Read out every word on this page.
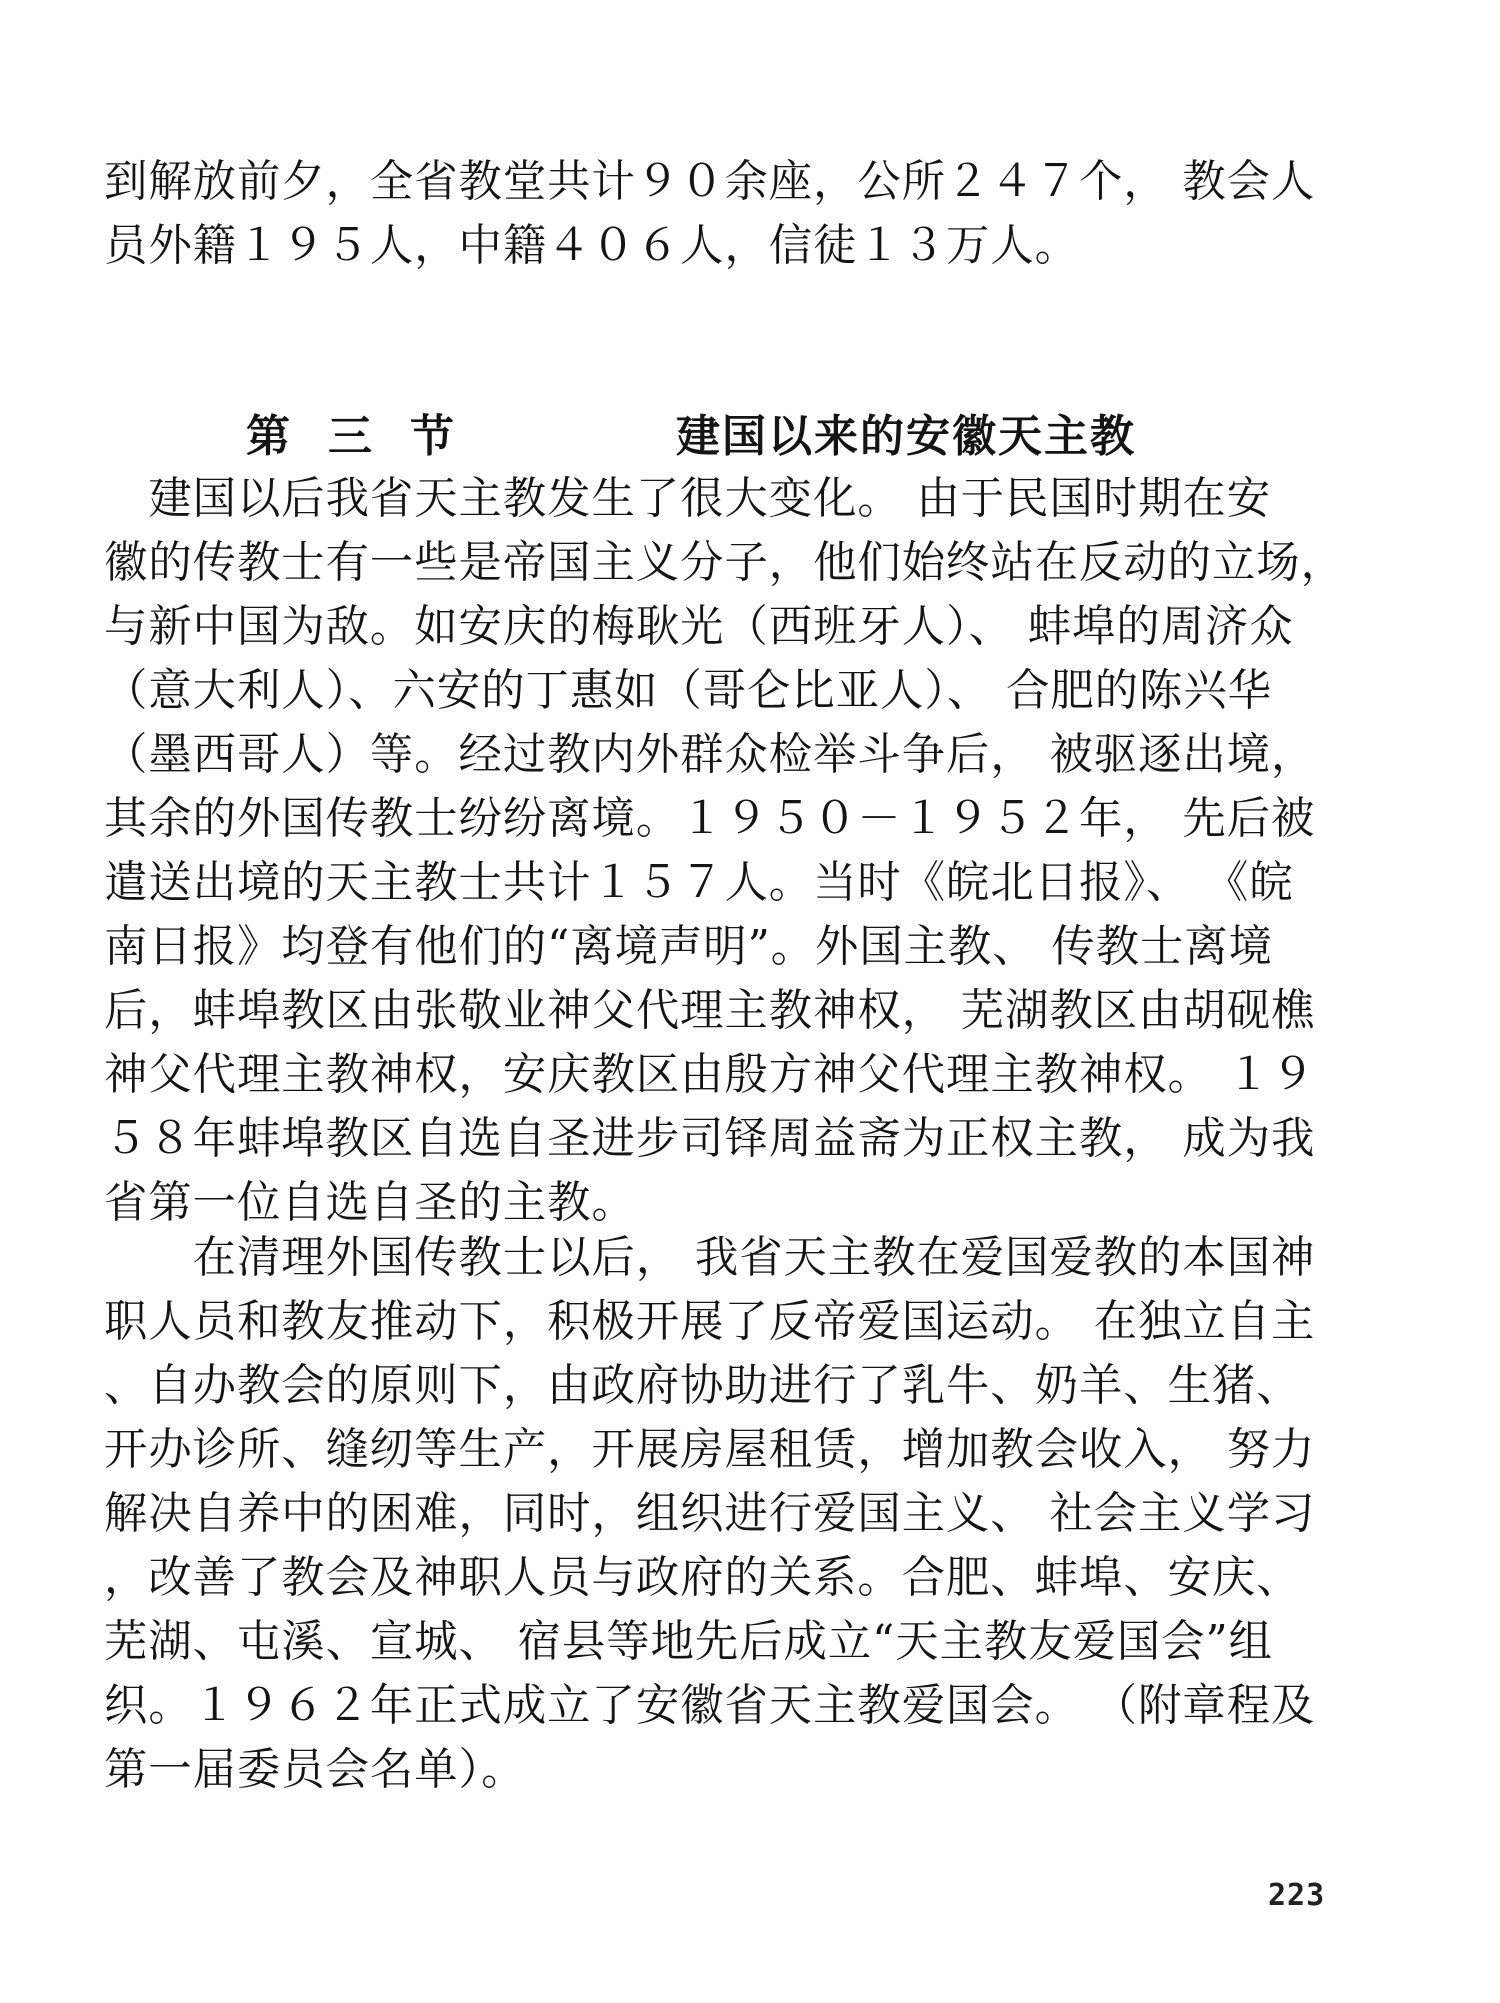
到解放前夕，全省教堂共计９０余座，公所２４７个， 教会人
员外籍１９５人，中籍４０６人，信徒１３万人。
第三节	建国以来的安徽天主教
　建国以后我省天主教发生了很大变化。 由于民国时期在安
徽的传教士有一些是帝国主义分子，他们始终站在反动的立场，
与新中国为敌。如安庆的梅耿光（西班牙人）、 蚌埠的周济众
（意大利人）、六安的丁惠如（哥仑比亚人）、 合肥的陈兴华
（墨西哥人）等。经过教内外群众检举斗争后， 被驱逐出境，
其余的外国传教士纷纷离境。１９５０－１９５２年， 先后被
遣送出境的天主教士共计１５７人。当时《皖北日报》、 《皖
南日报》均登有他们的“离境声明”。外国主教、 传教士离境
后，蚌埠教区由张敬业神父代理主教神权， 芜湖教区由胡砚樵
神父代理主教神权，安庆教区由殷方神父代理主教神权。 １９
５８年蚌埠教区自选自圣进步司铎周益斋为正权主教， 成为我
省第一位自选自圣的主教。
　　在清理外国传教士以后， 我省天主教在爱国爱教的本国神
职人员和教友推动下，积极开展了反帝爱国运动。 在独立自主
、自办教会的原则下，由政府协助进行了乳牛、奶羊、生猪、
开办诊所、缝纫等生产，开展房屋租赁，增加教会收入， 努力
解决自养中的困难，同时，组织进行爱国主义、 社会主义学习
，改善了教会及神职人员与政府的关系。合肥、蚌埠、安庆、
芜湖、屯溪、宣城、 宿县等地先后成立“天主教友爱国会”组
织。１９６２年正式成立了安徽省天主教爱国会。 （附章程及
第一届委员会名单）。
223
